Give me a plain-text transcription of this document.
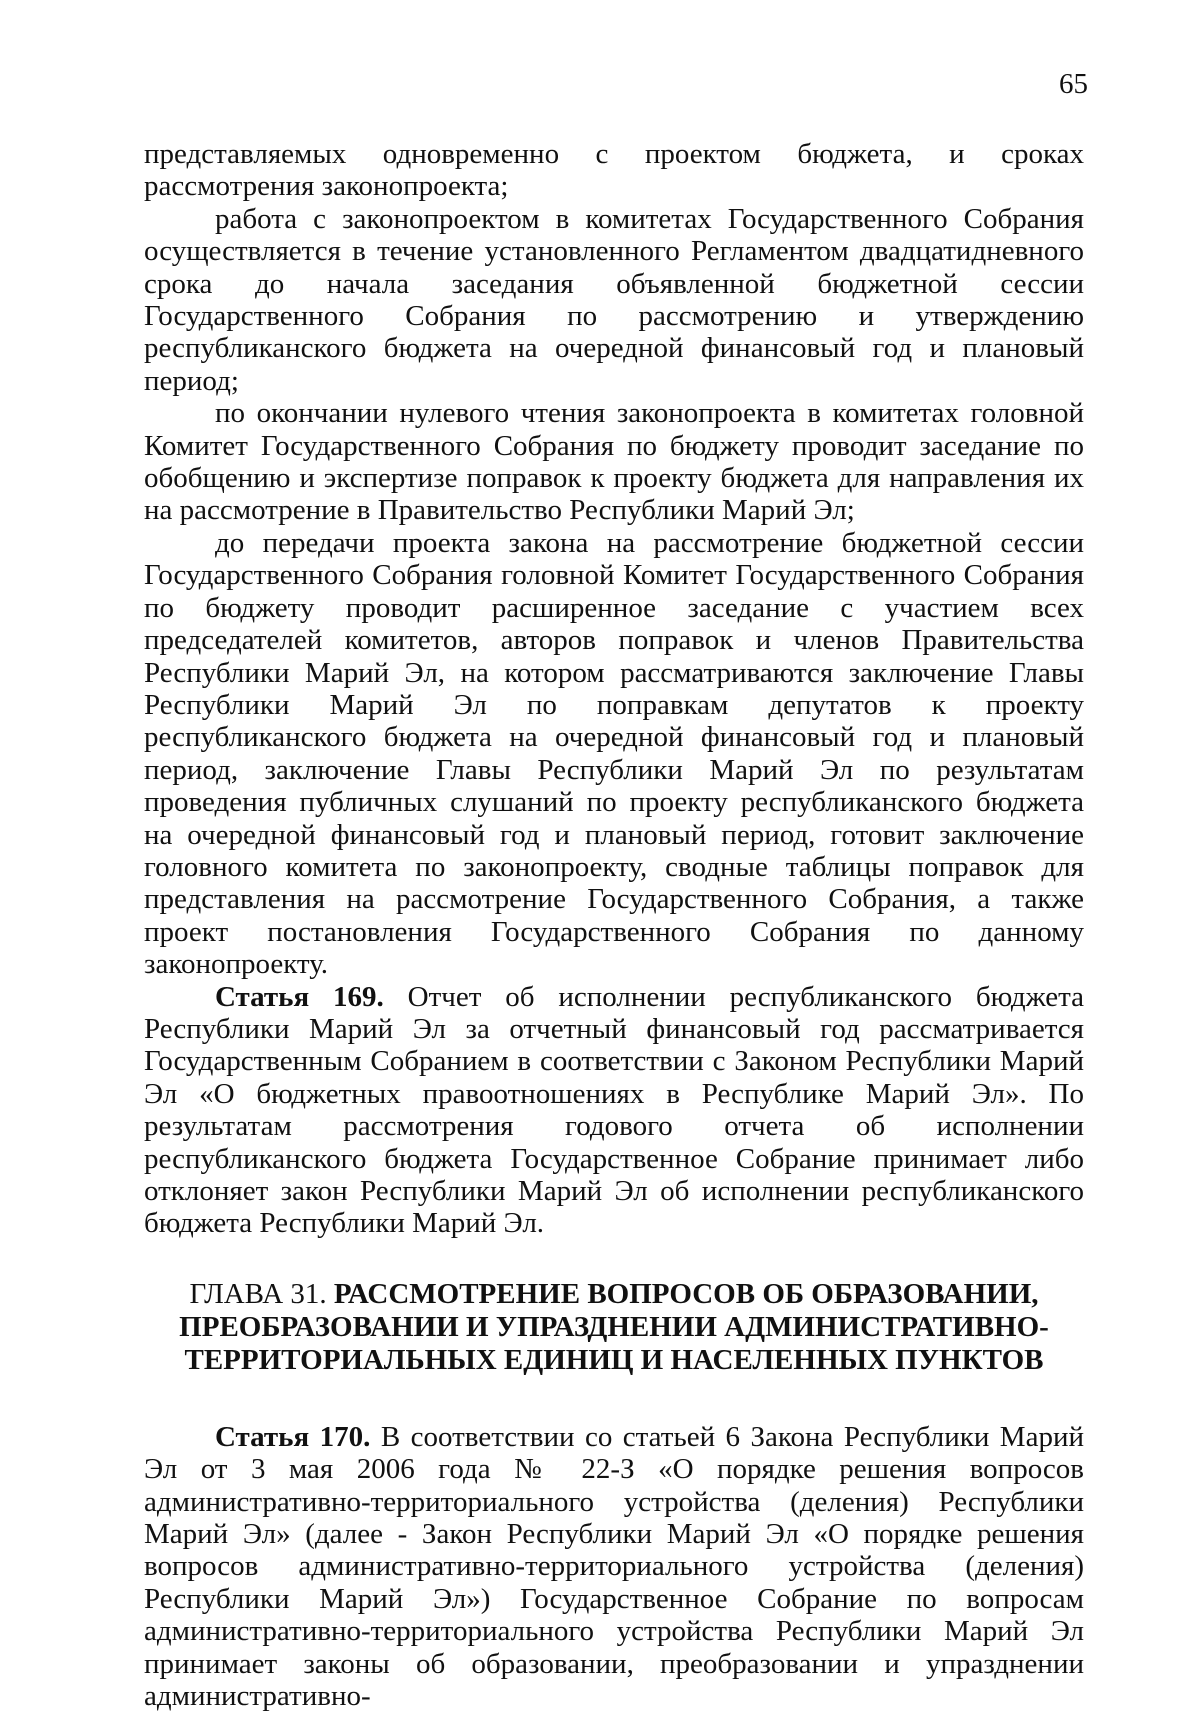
65

представляемых одновременно с проектом бюджета, и сроках рассмотрения законопроекта;

работа с законопроектом в комитетах Государственного Собрания осуществляется в течение установленного Регламентом двадцатидневного срока до начала заседания объявленной бюджетной сессии Государственного Собрания по рассмотрению и утверждению республиканского бюджета на очередной финансовый год и плановый период;

по окончании нулевого чтения законопроекта в комитетах головной Комитет Государственного Собрания по бюджету проводит заседание по обобщению и экспертизе поправок к проекту бюджета для направления их на рассмотрение в Правительство Республики Марий Эл;

до передачи проекта закона на рассмотрение бюджетной сессии Государственного Собрания головной Комитет Государственного Собрания по бюджету проводит расширенное заседание с участием всех председателей комитетов, авторов поправок и членов Правительства Республики Марий Эл, на котором рассматриваются заключение Главы Республики Марий Эл по поправкам депутатов к проекту республиканского бюджета на очередной финансовый год и плановый период, заключение Главы Республики Марий Эл по результатам проведения публичных слушаний по проекту республиканского бюджета на очередной финансовый год и плановый период, готовит заключение головного комитета по законопроекту, сводные таблицы поправок для представления на рассмотрение Государственного Собрания, а также проект постановления Государственного Собрания по данному законопроекту.

Статья 169. Отчет об исполнении республиканского бюджета Республики Марий Эл за отчетный финансовый год рассматривается Государственным Собранием в соответствии с Законом Республики Марий Эл «О бюджетных правоотношениях в Республике Марий Эл». По результатам рассмотрения годового отчета об исполнении республиканского бюджета Государственное Собрание принимает либо отклоняет закон Республики Марий Эл об исполнении республиканского бюджета Республики Марий Эл.

ГЛАВА 31. РАССМОТРЕНИЕ ВОПРОСОВ ОБ ОБРАЗОВАНИИ,
ПРЕОБРАЗОВАНИИ И УПРАЗДНЕНИИ АДМИНИСТРАТИВНО-
ТЕРРИТОРИАЛЬНЫХ ЕДИНИЦ И НАСЕЛЕННЫХ ПУНКТОВ

Статья 170. В соответствии со статьей 6 Закона Республики Марий Эл от 3 мая 2006 года № 22-З «О порядке решения вопросов административно-территориального устройства (деления) Республики Марий Эл» (далее - Закон Республики Марий Эл «О порядке решения вопросов административно-территориального устройства (деления) Республики Марий Эл») Государственное Собрание по вопросам административно-территориального устройства Республики Марий Эл принимает законы об образовании, преобразовании и упразднении административно-
